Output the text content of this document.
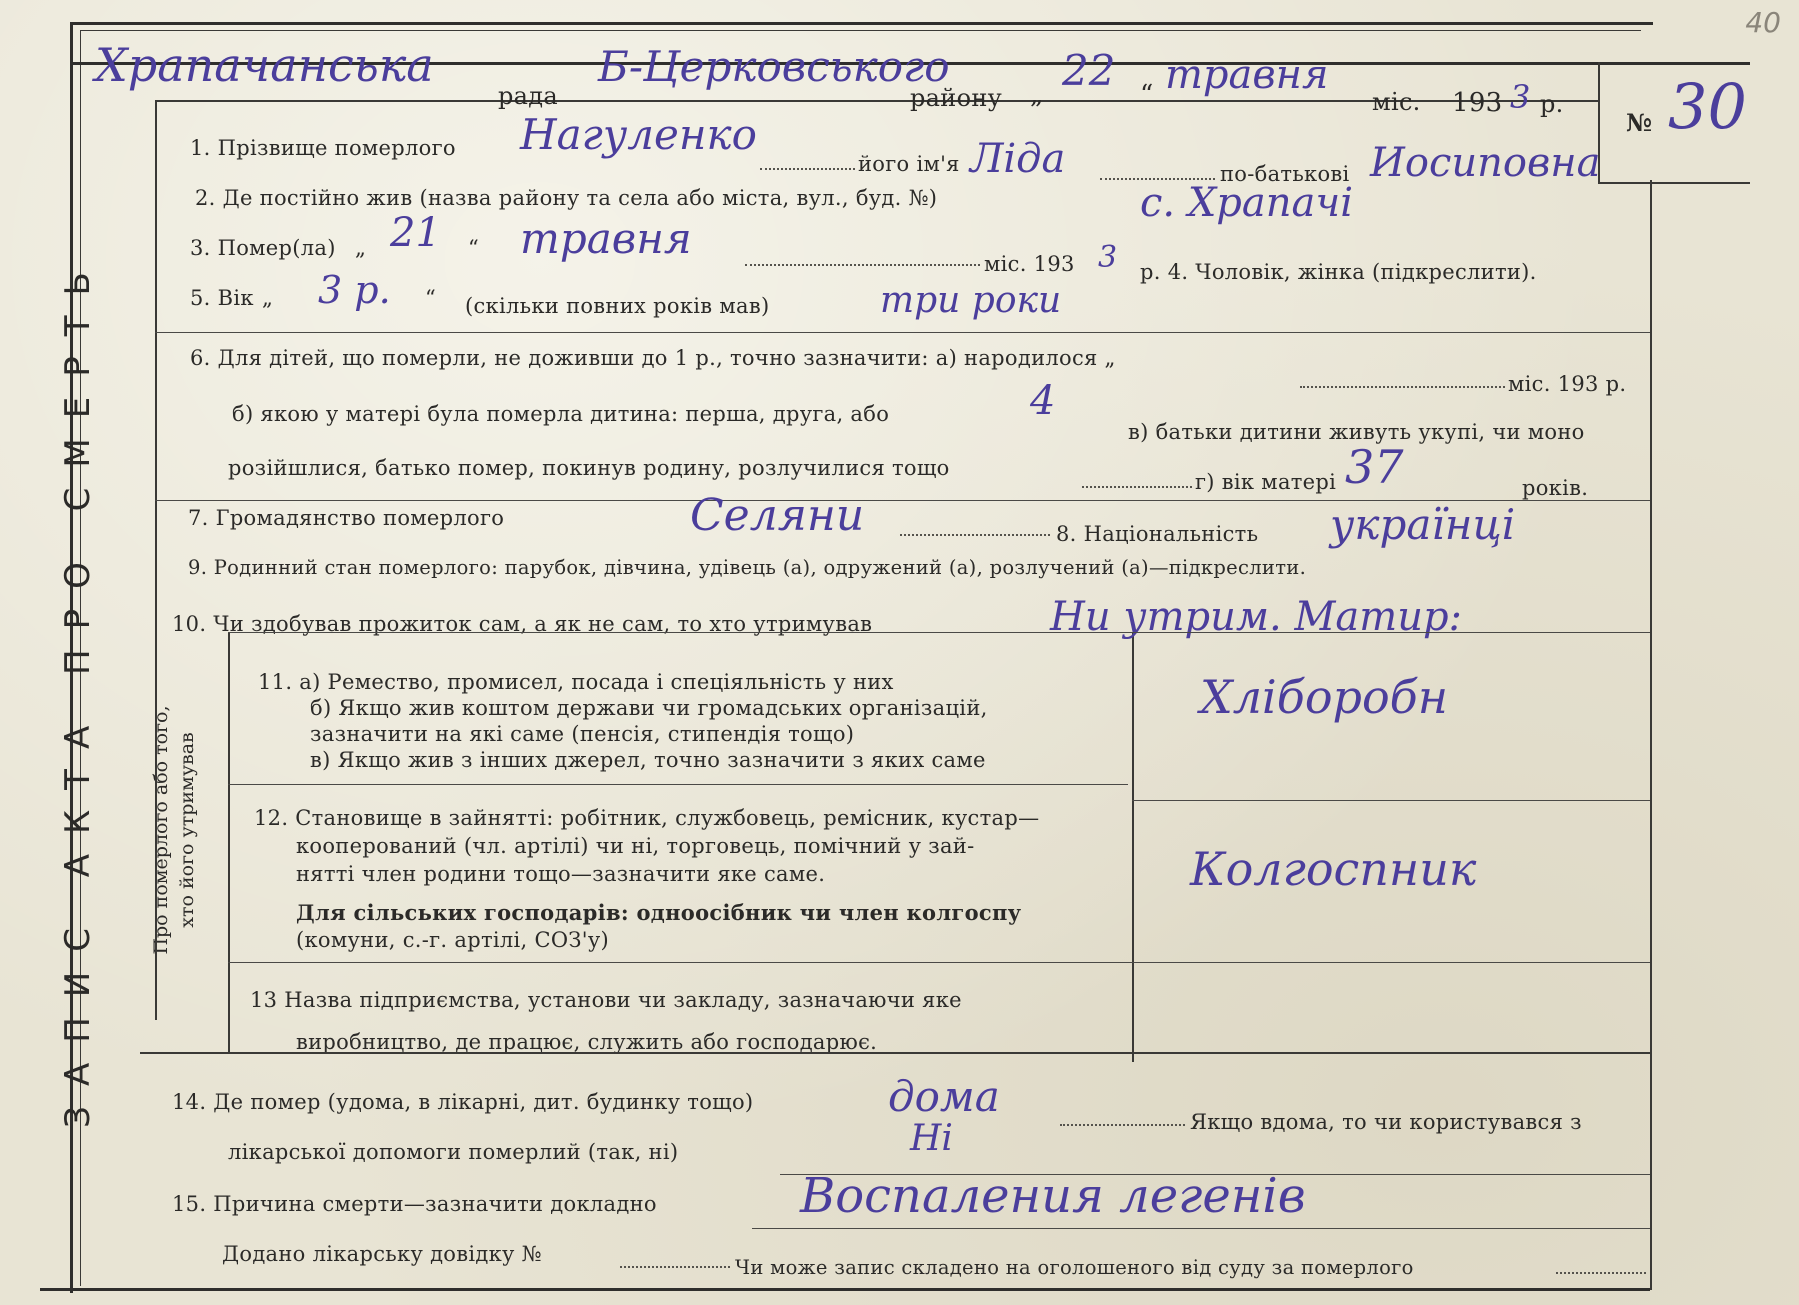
40
Храпачанська
рада
Б-Церковського
району „ 22 “ травня
міс. 193 3 р.
№ 30
ЗАПИС АКТА ПРО СМЕРТЬ	Про померлого або того, хто його утримував
1. Прізвище померлого Нагуленко
його ім'я Ліда	по-батькові Иосиповна
2. Де постійно жив (назва району та села або міста, вул., буд. №)	с. Храпачі
3. Помер(ла) „ 21 “ травня
міс. 193 3 р. 4. Чоловік, жінка (підкреслити).
5. Вік „ 3 р. “ (скільки повних років мав)	три роки
6. Для дітей, що померли, не доживши до 1 р., точно зазначити: а) народилося „
міс. 193 р.
б) якою у матері була померла дитина: перша, друга, або	4
в) батьки дитини живуть укупі, чи моно
розійшлися, батько помер, покинув родину, розлучилися тощо
г) вік матері 37	років.
7. Громадянство померлого	Селяни	8. Національність українці
9. Родинний стан померлого: парубок, дівчина, удівець (а), одружений (а), розлучений (а)—підкреслити.
10. Чи здобував прожиток сам, а як не сам, то хто утримував	Ни утрим. Матир:
11. а) Ремество, промисел, посада і спеціяльність у них
б) Якщо жив коштом держави чи громадських організацій,
зазначити на які саме (пенсія, стипендія тощо)
в) Якщо жив з інших джерел, точно зазначити з яких саме
Хліборобн
12. Становище в зайнятті: робітник, службовець, ремісник, кустар—
кооперований (чл. артілі) чи ні, торговець, помічний у зай-
нятті член родини тощо—зазначити яке саме.
Для сільських господарів: одноосібник чи член колгоспу
(комуни, с.-г. артілі, СОЗ'у)
Колгоспник
13 Назва підприємства, установи чи закладу, зазначаючи яке
виробництво, де працює, служить або господарює.
14. Де помер (удома, в лікарні, дит. будинку тощо)	дома
Якщо вдома, то чи користувався з
лікарської допомоги померлий (так, ні)	Ні
15. Причина смерти—зазначити докладно	Воспаления легенів
Додано лікарську довідку №
Чи може запис складено на оголошеного від суду за померлого
